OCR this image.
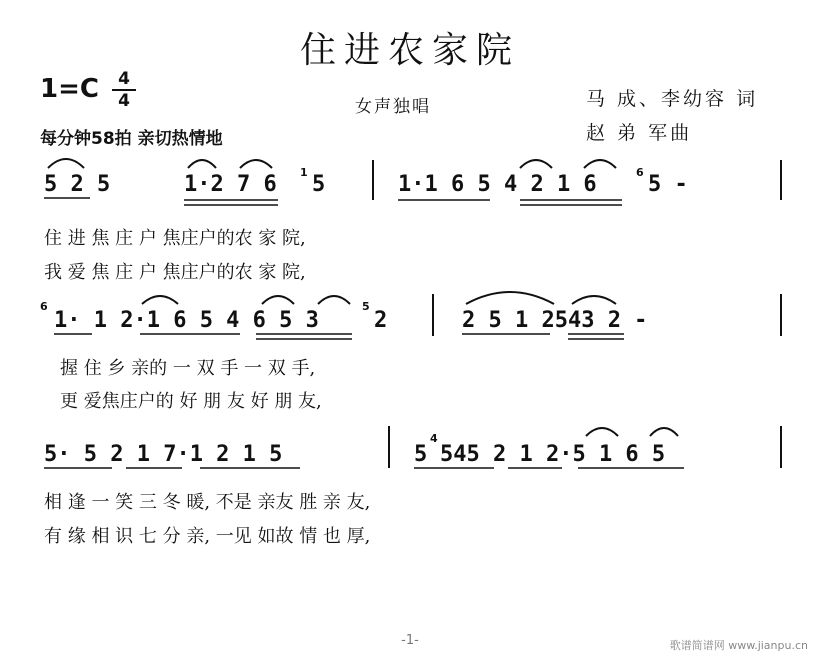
住进农家院
1=C	4
4	女声独唱	马 成、李幼容 词
赵 弟 军曲
每分钟58拍 亲切热情地
5 2 5	1·2 7 6 1 5	1·1 6 5 4 2 1 6	6 5 -
住 进 焦 庄 户 焦庄户的农 家 院,
我 爱 焦 庄 户 焦庄户的农 家 院,
6
1· 1 2·1 6 5 4 6 5 3
5
2	2 5 1 2543 2 -
握 住 乡 亲的 一 双 手 一 双 手,
更 爱焦庄户的 好 朋 友 好 朋 友,
5· 5 2 1 7·1 2 1 5	5
4
545 2 1 2·5 1 6 5
相 逢 一 笑 三 冬 暖, 不是 亲友 胜 亲 友,
有 缘 相 识 七 分 亲, 一见 如故 情 也 厚,
-1-	歌谱简谱网 www.jianpu.cn
